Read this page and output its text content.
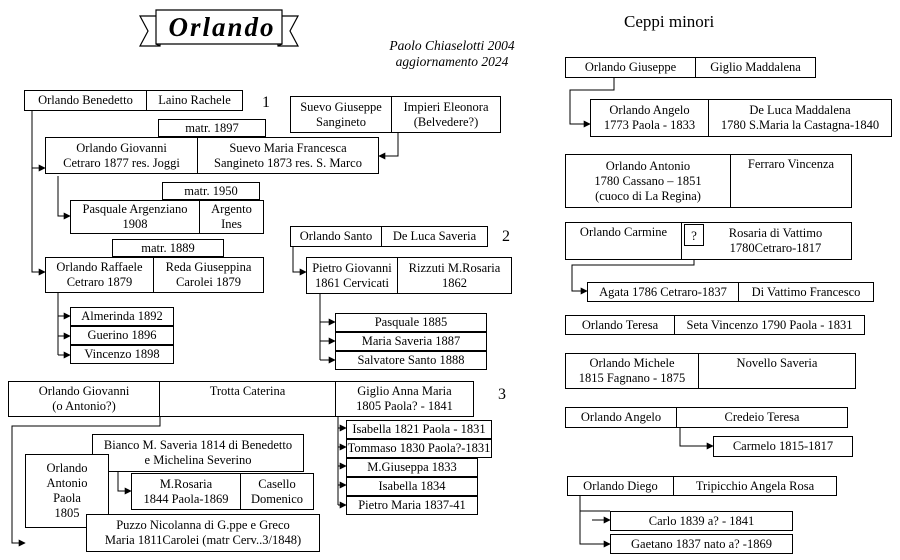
Orlando
Paolo Chiaselotti 2004
aggiornamento 2024
Ceppi minori
1
2
3
Orlando Benedetto	Laino Rachele	Suevo Giuseppe
Sangineto
Impieri Eleonora
(Belvedere?)
matr. 1897
Orlando Giovanni
Cetraro 1877 res. Joggi
Suevo Maria Francesca
Sangineto 1873 res. S. Marco
matr. 1950
Pasquale Argenziano
1908
Argento
Ines
matr. 1889
Orlando Raffaele
Cetraro 1879
Reda Giuseppina
Carolei 1879
Almerinda 1892
Guerino 1896
Vincenzo 1898
Orlando Santo	De Luca Saveria
Pietro Giovanni
1861 Cervicati
Rizzuti M.Rosaria
1862
Pasquale 1885
Maria Saveria 1887
Salvatore Santo 1888
Orlando Giovanni
(o Antonio?)
Trotta Caterina	Giglio Anna Maria
1805 Paola? - 1841
Isabella 1821 Paola - 1831
Tommaso 1830 Paola?-1831
M.Giuseppa 1833
Isabella 1834
Pietro Maria 1837-41
Bianco M. Saveria 1814 di Benedetto
e Michelina Severino
Orlando
Antonio
Paola
1805
M.Rosaria
1844 Paola-1869
Casello
Domenico
Puzzo Nicolanna di G.ppe e Greco
Maria 1811Carolei (matr Cerv..3/1848)
Orlando Giuseppe	Giglio Maddalena
Orlando Angelo
1773 Paola - 1833
De Luca Maddalena
1780 S.Maria la Castagna-1840
Orlando Antonio
1780 Cassano – 1851
(cuoco di La Regina)
Ferraro Vincenza
Orlando Carmine	Rosaria di Vattimo
1780Cetraro-1817
?
Agata 1786 Cetraro-1837	Di Vattimo Francesco
Orlando Teresa	Seta Vincenzo 1790 Paola - 1831
Orlando Michele
1815 Fagnano - 1875
Novello Saveria
Orlando Angelo	Credeio Teresa
Carmelo 1815-1817
Orlando Diego	Tripicchio Angela Rosa
Carlo 1839 a? - 1841
Gaetano 1837 nato a? -1869
